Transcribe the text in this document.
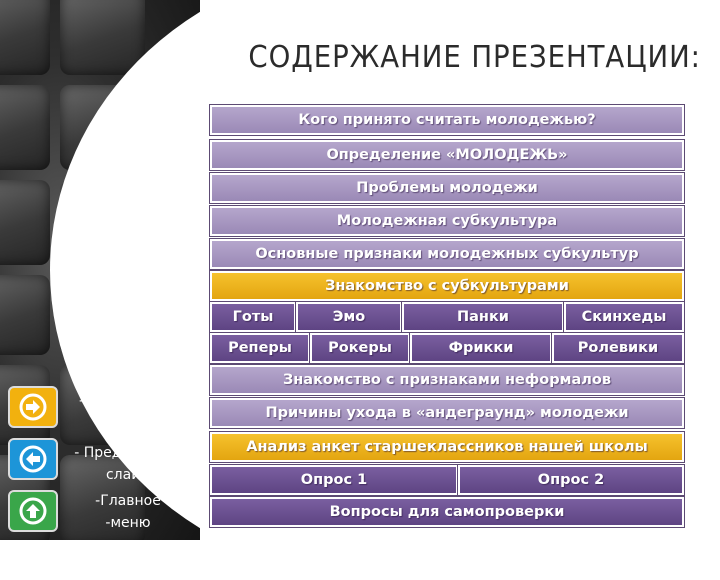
СОДЕРЖАНИЕ ПРЕЗЕНТАЦИИ:
Кого принято считать молодежью?
Определение «МОЛОДЕЖЬ»
Проблемы молодежи
Молодежная субкультура
Основные признаки молодежных субкультур
Знакомство с субкультурами
Готы	Эмо	Панки	Скинхеды
Реперы	Рокеры	Фрикки	Ролевики
Знакомство с признаками неформалов
Причины ухода в «андеграунд» молодежи
Анализ анкет старшеклассников нашей школы
Опрос 1	Опрос 2
Вопросы для самопроверки
- Следующий
слайд
- Предыдущий
слайд
-Главное
-меню
